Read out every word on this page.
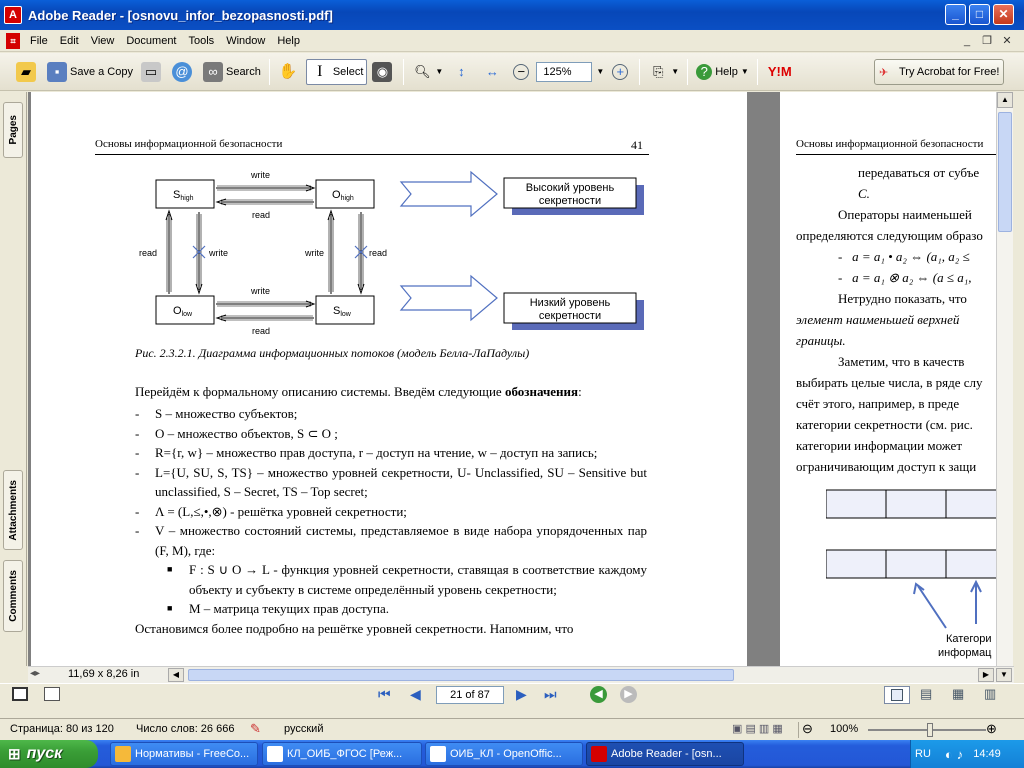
A Adobe Reader - [osnovu_infor_bezopasnosti.pdf]	_	□	✕
⌗	File	Edit	View	Document	Tools	Window	Help	_	❐ ✕
▰	▪ Save a Copy ▭ @	∞ Search ✋	I Select	◉	🔍︎ ▼	↕	↔	−	125%	▼ +	⎘ ▼	? Help ▼ Y!M	✈ Try Acrobat for Free!
Pages
Attachments
Comments
Основы информационной безопасности	41
Shigh	Ohigh
Olow	Slow
write
read
write
read
read	write	write	read
Высокий уровень
секретности
Низкий уровень
секретности
Рис. 2.3.2.1. Диаграмма информационных потоков (модель Белла-ЛаПадулы)
Перейдём к формальному описанию системы. Введём следующие обозначения:
-	S – множество субъектов;
-	O – множество объектов, S ⊂ O ;
-	R={r, w} – множество прав доступа, r – доступ на чтение, w – доступ на запись;
-	L={U, SU, S, TS} – множество уровней секретности, U- Unclassified, SU – Sensitive but unclassified, S – Secret, TS – Top secret;
-	Λ = (L,≤,•,⊗) - решётка уровней секретности;
-	V – множество состояний системы, представляемое в виде набора упорядоченных пар (F, M), где:
■	F : S ∪ O → L - функция уровней секретности, ставящая в соответствие каждому объекту и субъекту в системе определённый уровень секретности;
■	M – матрица текущих прав доступа.
Остановимся более подробно на решётке уровней секретности. Напомним, что
Основы информационной безопасности
передаваться от субъе
C.
Операторы наименьшей
определяются следующим образо
-   a = a₁ • a₂ ⇔ (a₁, a₂ ≤
-   a = a₁ ⊗ a₂ ⇔ (a ≤ a₁,
Нетрудно показать, что
элемент наименьшей верхней
границы.
Заметим, что в качеств
выбирать целые числа, в ряде слу
счёт этого, например, в преде
категории секретности (см. рис.
категории информации может
ограничивающим доступ к защи
Категори
информац
▲
◂▸	11,69 x 8,26 in	◀	▶	▼
⏮ ◀	21 of 87	▶ ⏭	◀	▶	▤ ▦ ▥
Страница: 80 из 120 Число слов: 26 666 ✎ русский	▣ ▤ ▥ ▦ ⊖ 100%	⊕
⊞ пуск	Нормативы - FreeCo...	КЛ_ОИБ_ФГОС [Реж...	ОИБ_КЛ - OpenOffic...	Adobe Reader - [osn...	RU ◐ ♪ 14:49
